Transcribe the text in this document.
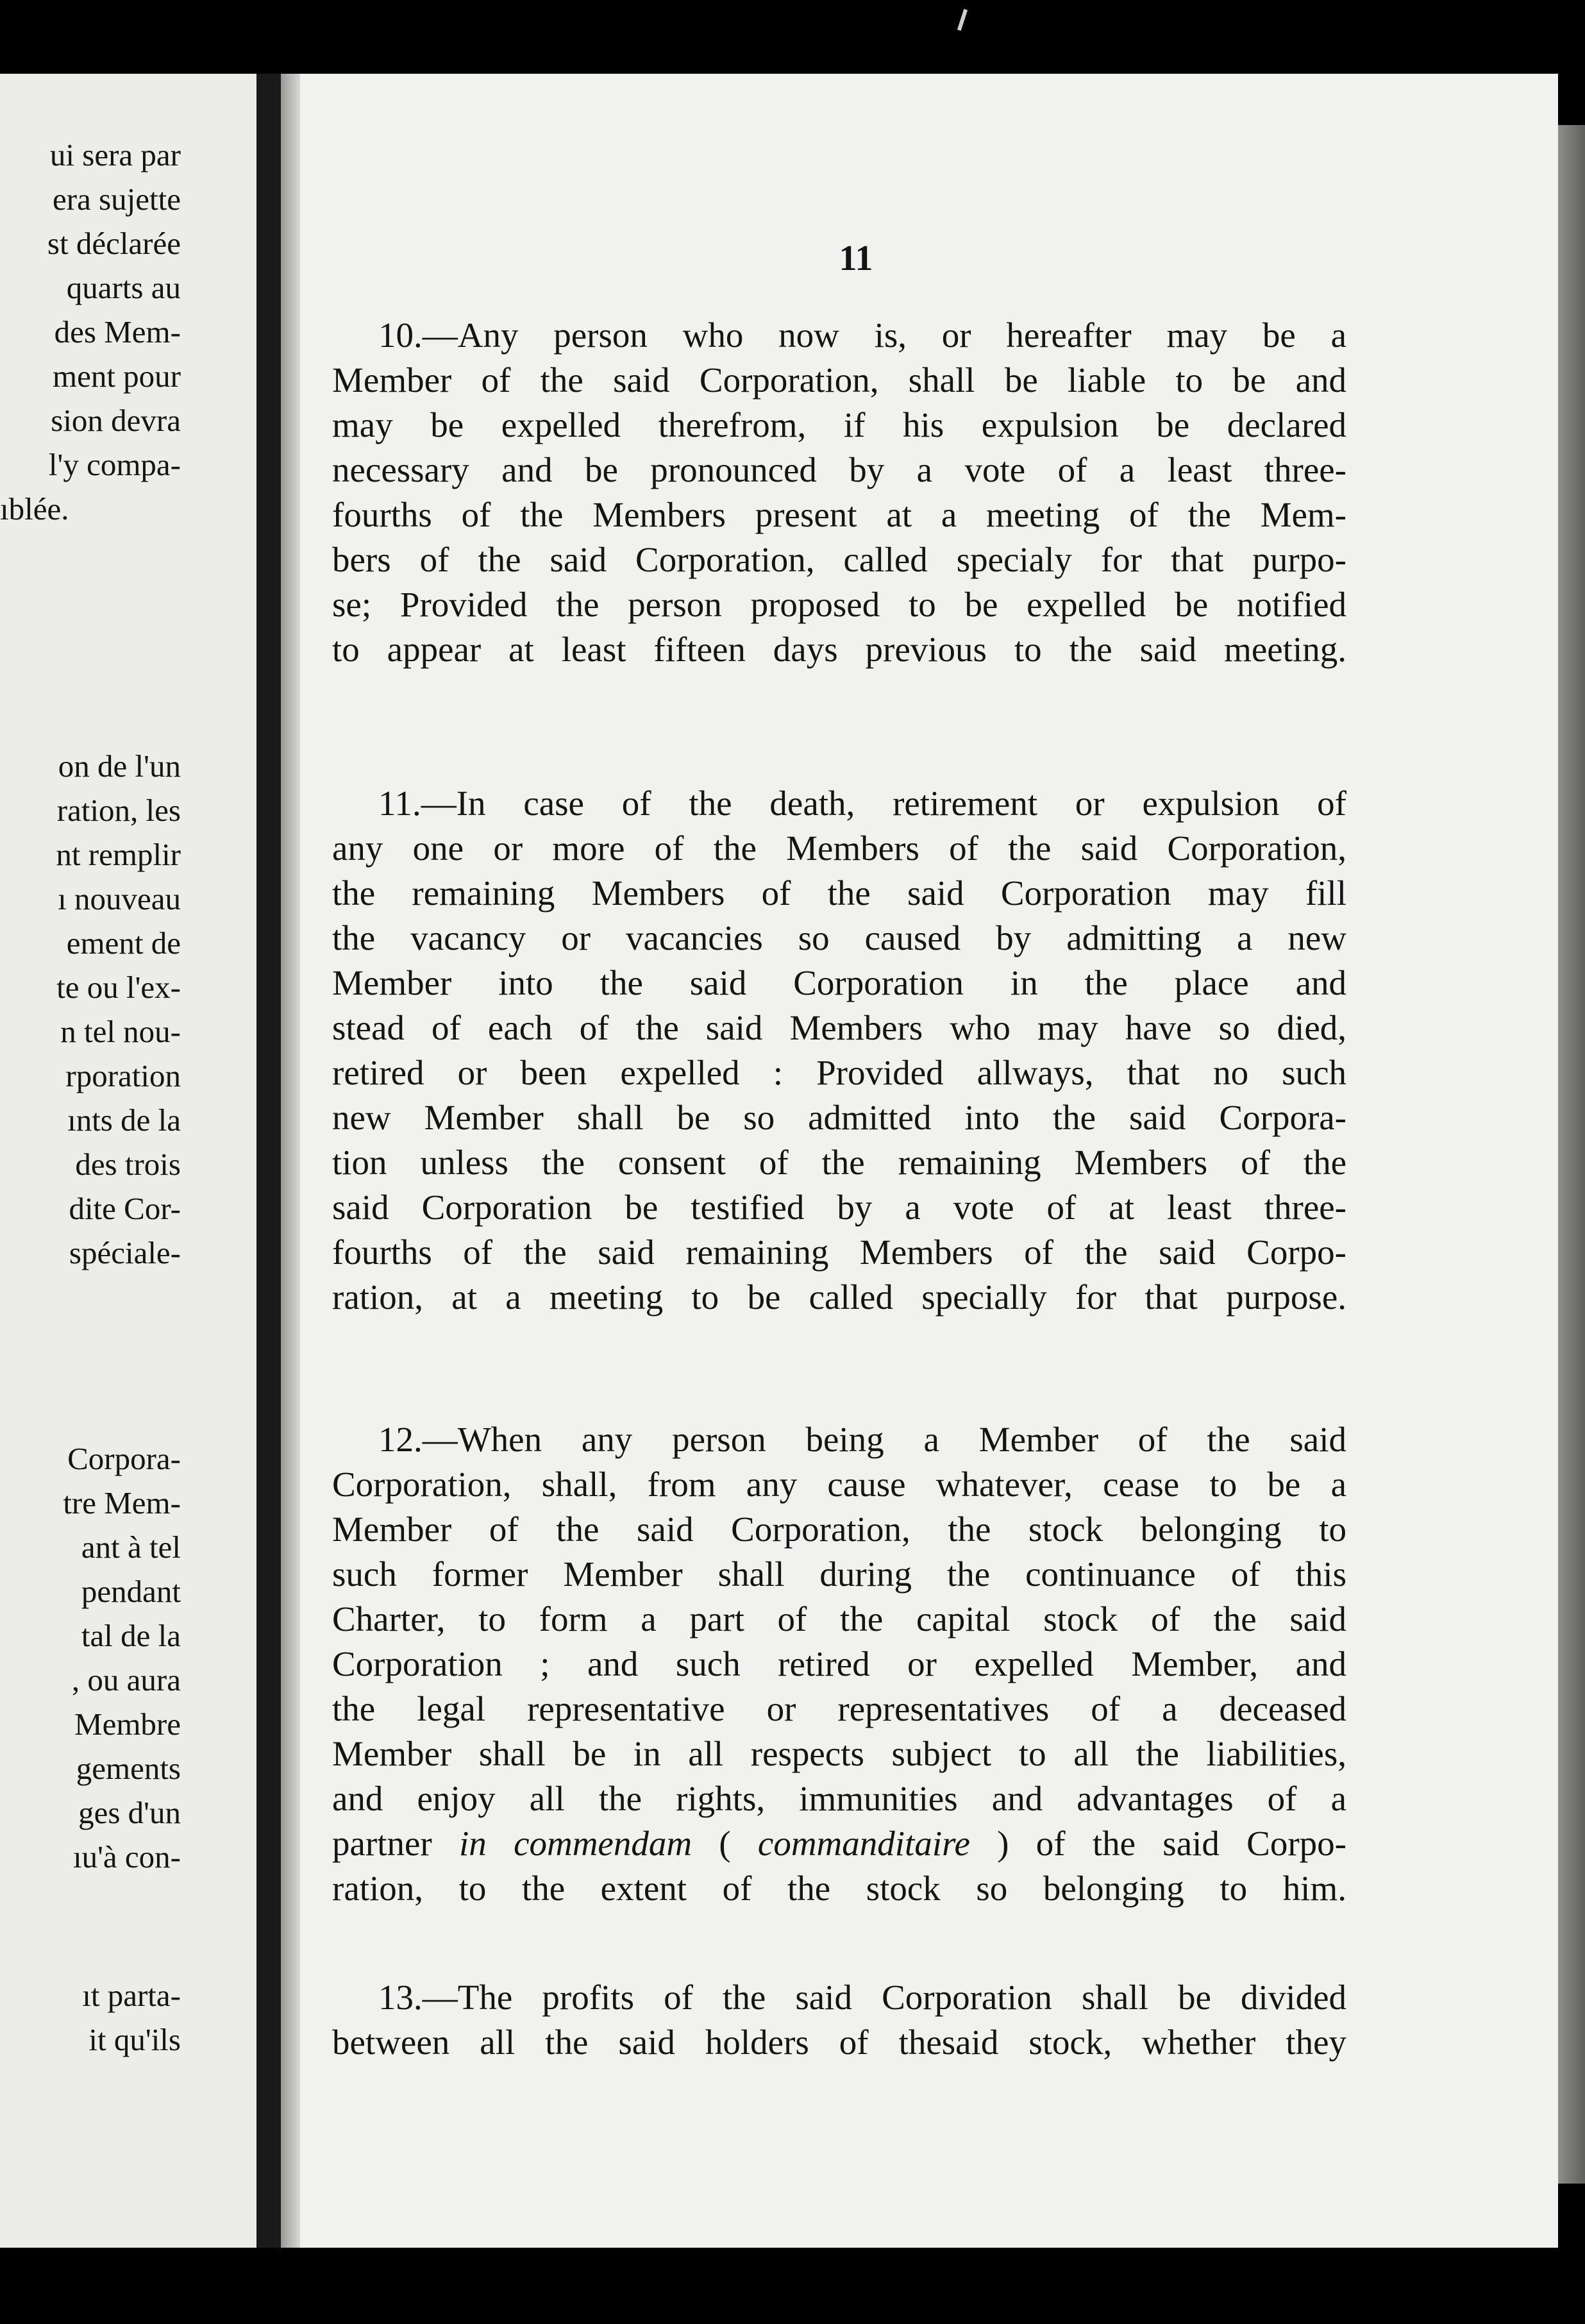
ui sera par
era sujette
st déclarée
quarts au
des Mem-
ment pour
sion devra
l'y compa-
ıblée.
on de l'un
ration, les
nt remplir
ı nouveau
ement de
te ou l'ex-
n tel nou-
rporation
ınts de la
des trois
dite Cor-
spéciale-
Corpora-
tre Mem-
ant à tel
pendant
tal de la
, ou aura
Membre
gements
ges d'un
ıu'à con-
ıt parta-
it qu'ils
11
10.—Any person who now is, or hereafter may be a
Member of the said Corporation, shall be liable to be and
may be expelled therefrom, if his expulsion be declared
necessary and be pronounced by a vote of a least three-
fourths of the Members present at a meeting of the Mem-
bers of the said Corporation, called specialy for that purpo-
se; Provided the person proposed to be expelled be notified
to appear at least fifteen days previous to the said meeting.
11.—In case of the death, retirement or expulsion of
any one or more of the Members of the said Corporation,
the remaining Members of the said Corporation may fill
the vacancy or vacancies so caused by admitting a new
Member into the said Corporation in the place and
stead of each of the said Members who may have so died,
retired or been expelled : Provided allways, that no such
new Member shall be so admitted into the said Corpora-
tion unless the consent of the remaining Members of the
said Corporation be testified by a vote of at least three-
fourths of the said remaining Members of the said Corpo-
ration, at a meeting to be called specially for that purpose.
12.—When any person being a Member of the said
Corporation, shall, from any cause whatever, cease to be a
Member of the said Corporation, the stock belonging to
such former Member shall during the continuance of this
Charter, to form a part of the capital stock of the said
Corporation ; and such retired or expelled Member, and
the legal representative or representatives of a deceased
Member shall be in all respects subject to all the liabilities,
and enjoy all the rights, immunities and advantages of a
partner in commendam ( commanditaire ) of the said Corpo-
ration, to the extent of the stock so belonging to him.
13.—The profits of the said Corporation shall be divided
between all the said holders of thesaid stock, whether they
